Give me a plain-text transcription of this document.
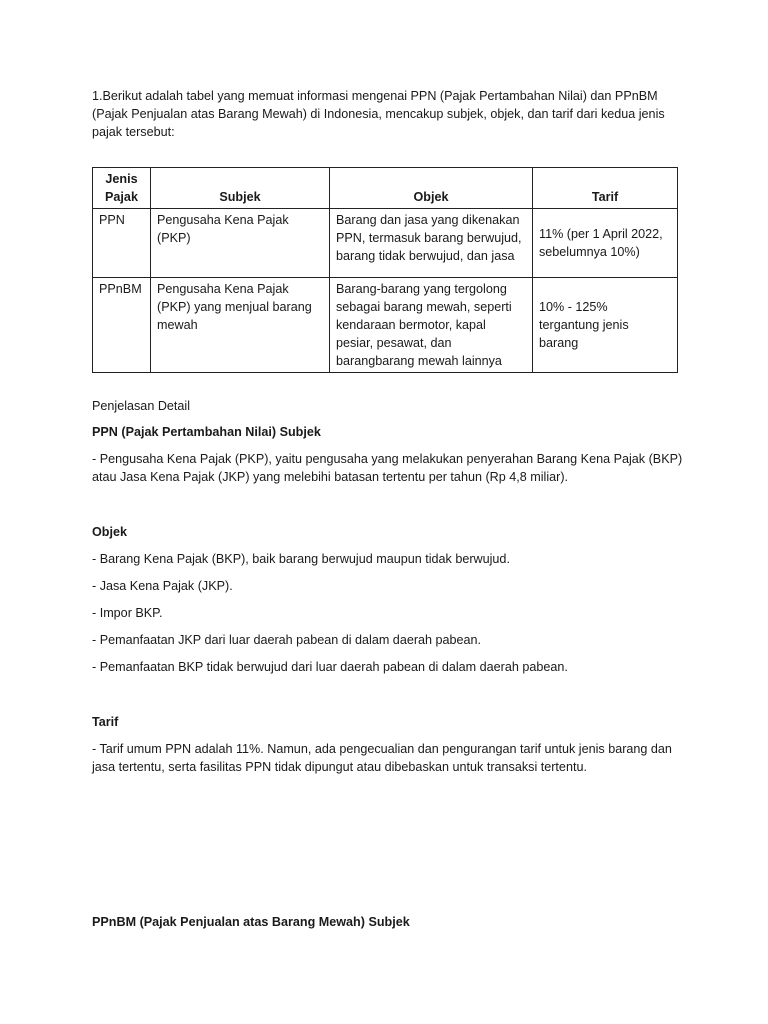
1.Berikut adalah tabel yang memuat informasi mengenai PPN (Pajak Pertambahan Nilai) dan PPnBM (Pajak Penjualan atas Barang Mewah) di Indonesia, mencakup subjek, objek, dan tarif dari kedua jenis pajak tersebut:

Jenis Pajak	Subjek	Objek	Tarif
PPN	Pengusaha Kena Pajak (PKP)	Barang dan jasa yang dikenakan PPN, termasuk barang berwujud, barang tidak berwujud, dan jasa	11% (per 1 April 2022, sebelumnya 10%)
PPnBM	Pengusaha Kena Pajak (PKP) yang menjual barang mewah	Barang-barang yang tergolong sebagai barang mewah, seperti kendaraan bermotor, kapal pesiar, pesawat, dan barangbarang mewah lainnya	10% - 125% tergantung jenis barang

Penjelasan Detail

PPN (Pajak Pertambahan Nilai) Subjek

- Pengusaha Kena Pajak (PKP), yaitu pengusaha yang melakukan penyerahan Barang Kena Pajak (BKP) atau Jasa Kena Pajak (JKP) yang melebihi batasan tertentu per tahun (Rp 4,8 miliar).

Objek

- Barang Kena Pajak (BKP), baik barang berwujud maupun tidak berwujud.

- Jasa Kena Pajak (JKP).

- Impor BKP.

- Pemanfaatan JKP dari luar daerah pabean di dalam daerah pabean.

- Pemanfaatan BKP tidak berwujud dari luar daerah pabean di dalam daerah pabean.

Tarif

- Tarif umum PPN adalah 11%. Namun, ada pengecualian dan pengurangan tarif untuk jenis barang dan jasa tertentu, serta fasilitas PPN tidak dipungut atau dibebaskan untuk transaksi tertentu.

PPnBM (Pajak Penjualan atas Barang Mewah) Subjek
